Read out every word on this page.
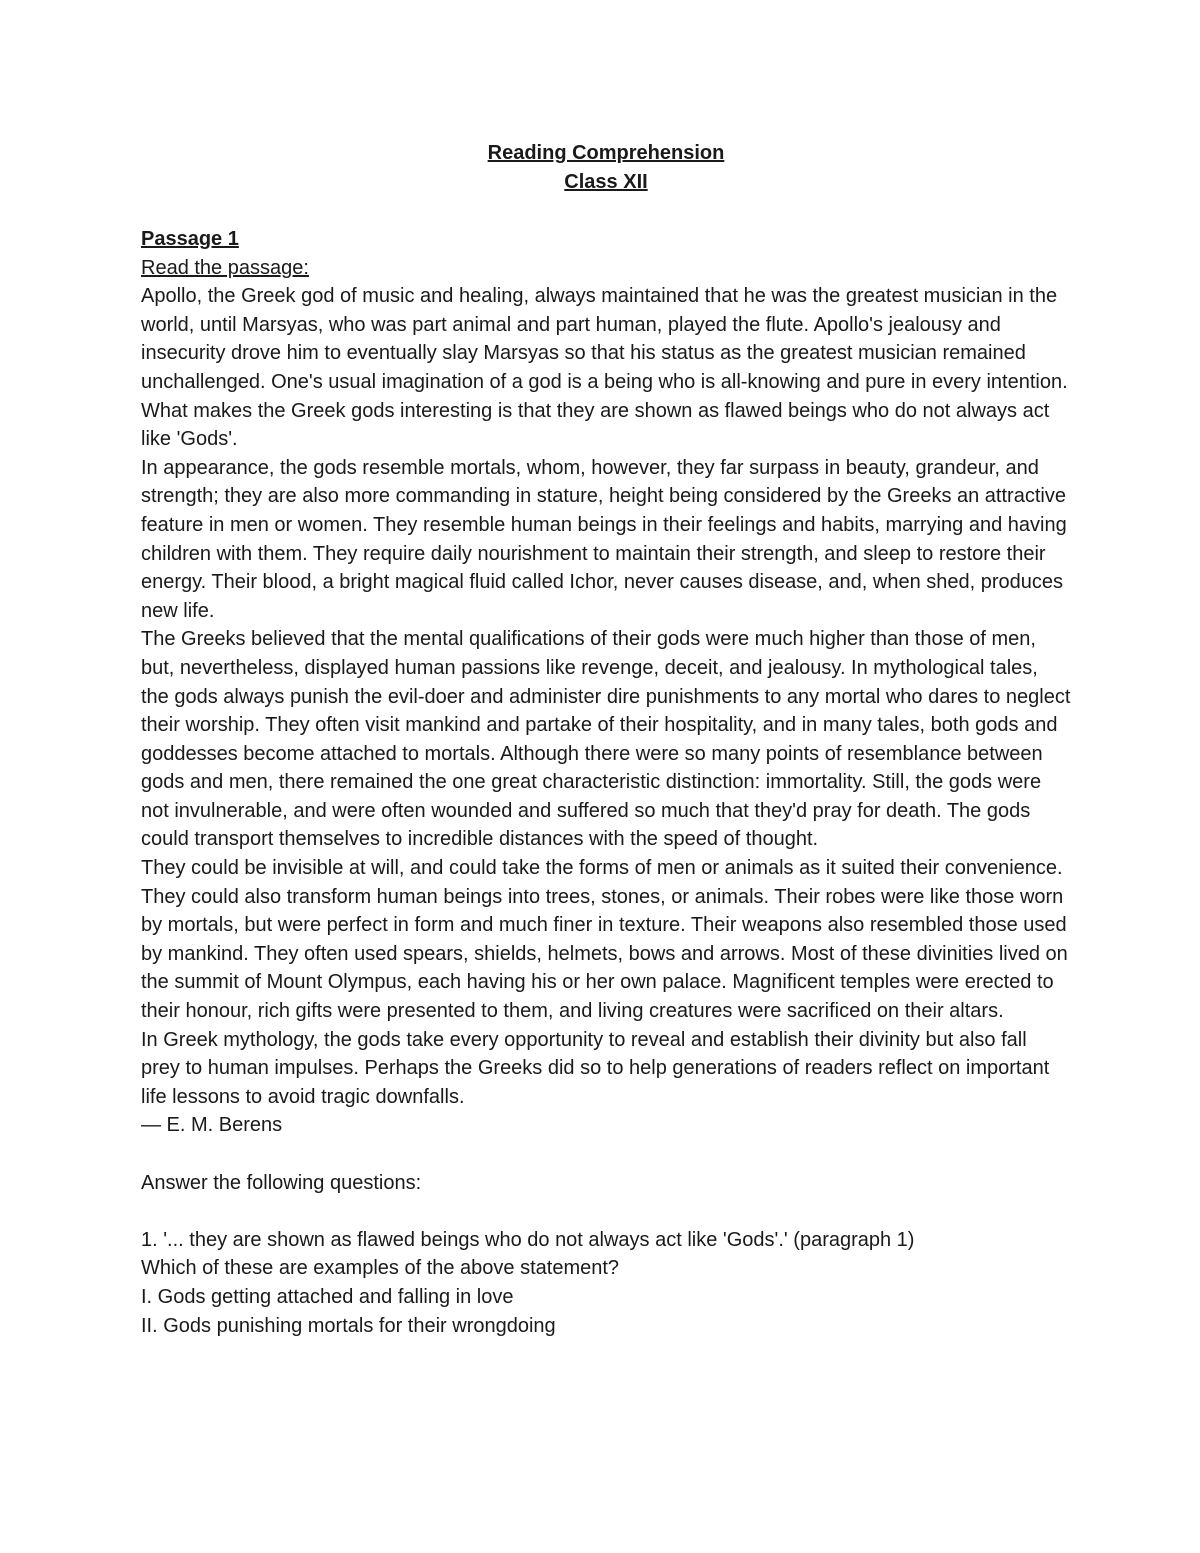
Reading Comprehension
Class XII

Passage 1

Read the passage:

Apollo, the Greek god of music and healing, always maintained that he was the greatest musician in the world, until Marsyas, who was part animal and part human, played the flute. Apollo's jealousy and insecurity drove him to eventually slay Marsyas so that his status as the greatest musician remained unchallenged. One's usual imagination of a god is a being who is all-knowing and pure in every intention. What makes the Greek gods interesting is that they are shown as flawed beings who do not always act like 'Gods'.

In appearance, the gods resemble mortals, whom, however, they far surpass in beauty, grandeur, and strength; they are also more commanding in stature, height being considered by the Greeks an attractive feature in men or women. They resemble human beings in their feelings and habits, marrying and having children with them. They require daily nourishment to maintain their strength, and sleep to restore their energy. Their blood, a bright magical fluid called Ichor, never causes disease, and, when shed, produces new life.

The Greeks believed that the mental qualifications of their gods were much higher than those of men, but, nevertheless, displayed human passions like revenge, deceit, and jealousy. In mythological tales, the gods always punish the evil-doer and administer dire punishments to any mortal who dares to neglect their worship. They often visit mankind and partake of their hospitality, and in many tales, both gods and goddesses become attached to mortals. Although there were so many points of resemblance between gods and men, there remained the one great characteristic distinction: immortality. Still, the gods were not invulnerable, and were often wounded and suffered so much that they'd pray for death. The gods could transport themselves to incredible distances with the speed of thought.

They could be invisible at will, and could take the forms of men or animals as it suited their convenience. They could also transform human beings into trees, stones, or animals. Their robes were like those worn by mortals, but were perfect in form and much finer in texture. Their weapons also resembled those used by mankind. They often used spears, shields, helmets, bows and arrows. Most of these divinities lived on the summit of Mount Olympus, each having his or her own palace. Magnificent temples were erected to their honour, rich gifts were presented to them, and living creatures were sacrificed on their altars.

In Greek mythology, the gods take every opportunity to reveal and establish their divinity but also fall prey to human impulses. Perhaps the Greeks did so to help generations of readers reflect on important life lessons to avoid tragic downfalls.

— E. M. Berens

Answer the following questions:

1. '... they are shown as flawed beings who do not always act like 'Gods'.' (paragraph 1)

Which of these are examples of the above statement?

I. Gods getting attached and falling in love

II. Gods punishing mortals for their wrongdoing
